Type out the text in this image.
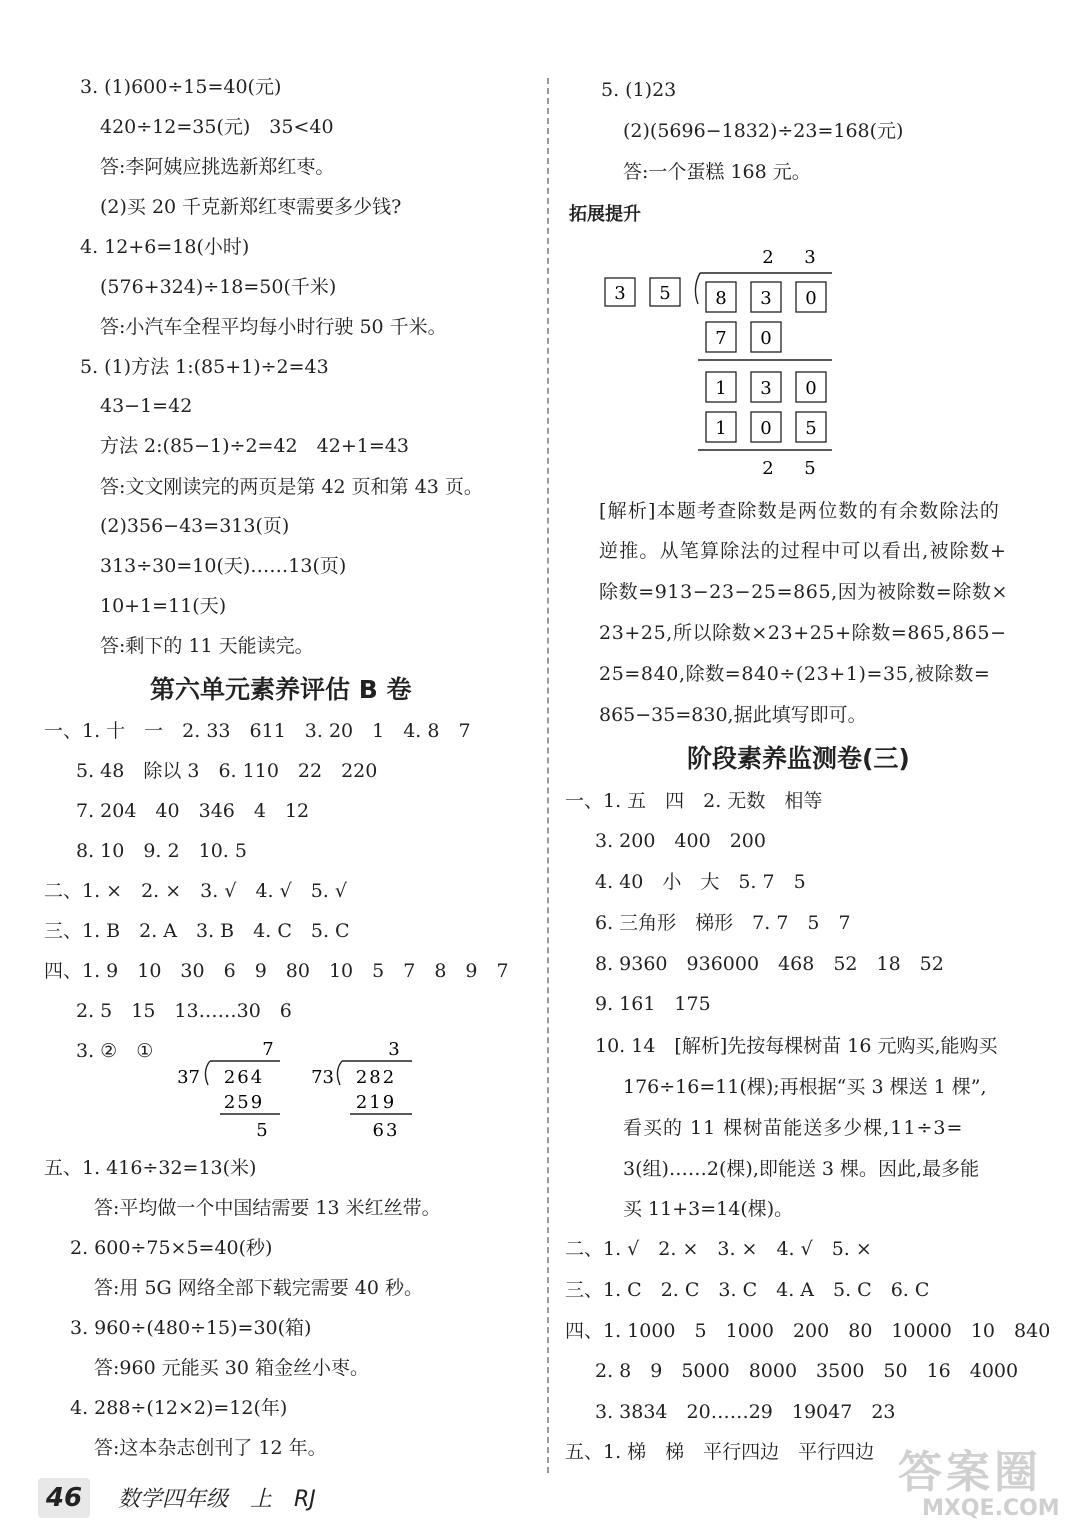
3. (1)600÷15=40(元)
420÷12=35(元)　35<40
答:李阿姨应挑选新郑红枣。
(2)买 20 千克新郑红枣需要多少钱?
4. 12+6=18(小时)
(576+324)÷18=50(千米)
答:小汽车全程平均每小时行驶 50 千米。
5. (1)方法 1:(85+1)÷2=43
43−1=42
方法 2:(85−1)÷2=42　42+1=43
答:文文刚读完的两页是第 42 页和第 43 页。
(2)356−43=313(页)
313÷30=10(天)……13(页)
10+1=11(天)
答:剩下的 11 天能读完。
第六单元素养评估 B 卷
一、1. 十　一　2. 33　611　3. 20　1　4. 8　7
5. 48　除以 3　6. 110　22　220
7. 204　40　346　4　12
8. 10　9. 2　10. 5
二、1. ×　2. ×　3. √　4. √　5. √
三、1. B　2. A　3. B　4. C　5. C
四、1. 9　10　30　6　9　80　10　5　7　8　9　7
2. 5　15　13……30　6
3. ②　①	7
37 264
259
5
3
73 282
219
63
五、1. 416÷32=13(米)
答:平均做一个中国结需要 13 米红丝带。
2. 600÷75×5=40(秒)
答:用 5G 网络全部下载完需要 40 秒。
3. 960÷(480÷15)=30(箱)
答:960 元能买 30 箱金丝小枣。
4. 288÷(12×2)=12(年)
答:这本杂志创刊了 12 年。
5. (1)23
(2)(5696−1832)÷23=168(元)
答:一个蛋糕 168 元。
拓展提升
2 3
3 5 8 3 0
7 0
1 3 0
1 0 5
2 5
[解析]本题考查除数是两位数的有余数除法的
逆推。从笔算除法的过程中可以看出,被除数+
除数=913−23−25=865,因为被除数=除数×
23+25,所以除数×23+25+除数=865,865−
25=840,除数=840÷(23+1)=35,被除数=
865−35=830,据此填写即可。
阶段素养监测卷(三)
一、1. 五　四　2. 无数　相等
3. 200　400　200
4. 40　小　大　5. 7　5
6. 三角形　梯形　7. 7　5　7
8. 9360　936000　468　52　18　52
9. 161　175
10. 14　[解析]先按每棵树苗 16 元购买,能购买
176÷16=11(棵);再根据“买 3 棵送 1 棵”,
看买的 11 棵树苗能送多少棵,11÷3=
3(组)……2(棵),即能送 3 棵。因此,最多能
买 11+3=14(棵)。
二、1. √　2. ×　3. ×　4. √　5. ×
三、1. C　2. C　3. C　4. A　5. C　6. C
四、1. 1000　5　1000　200　80　10000　10　840
2. 8　9　5000　8000　3500　50　16　4000
3. 3834　20……29　19047　23
五、1. 梯　梯　平行四边　平行四边
46	数学四年级　上　RJ
答案圈
MXQE.COM
